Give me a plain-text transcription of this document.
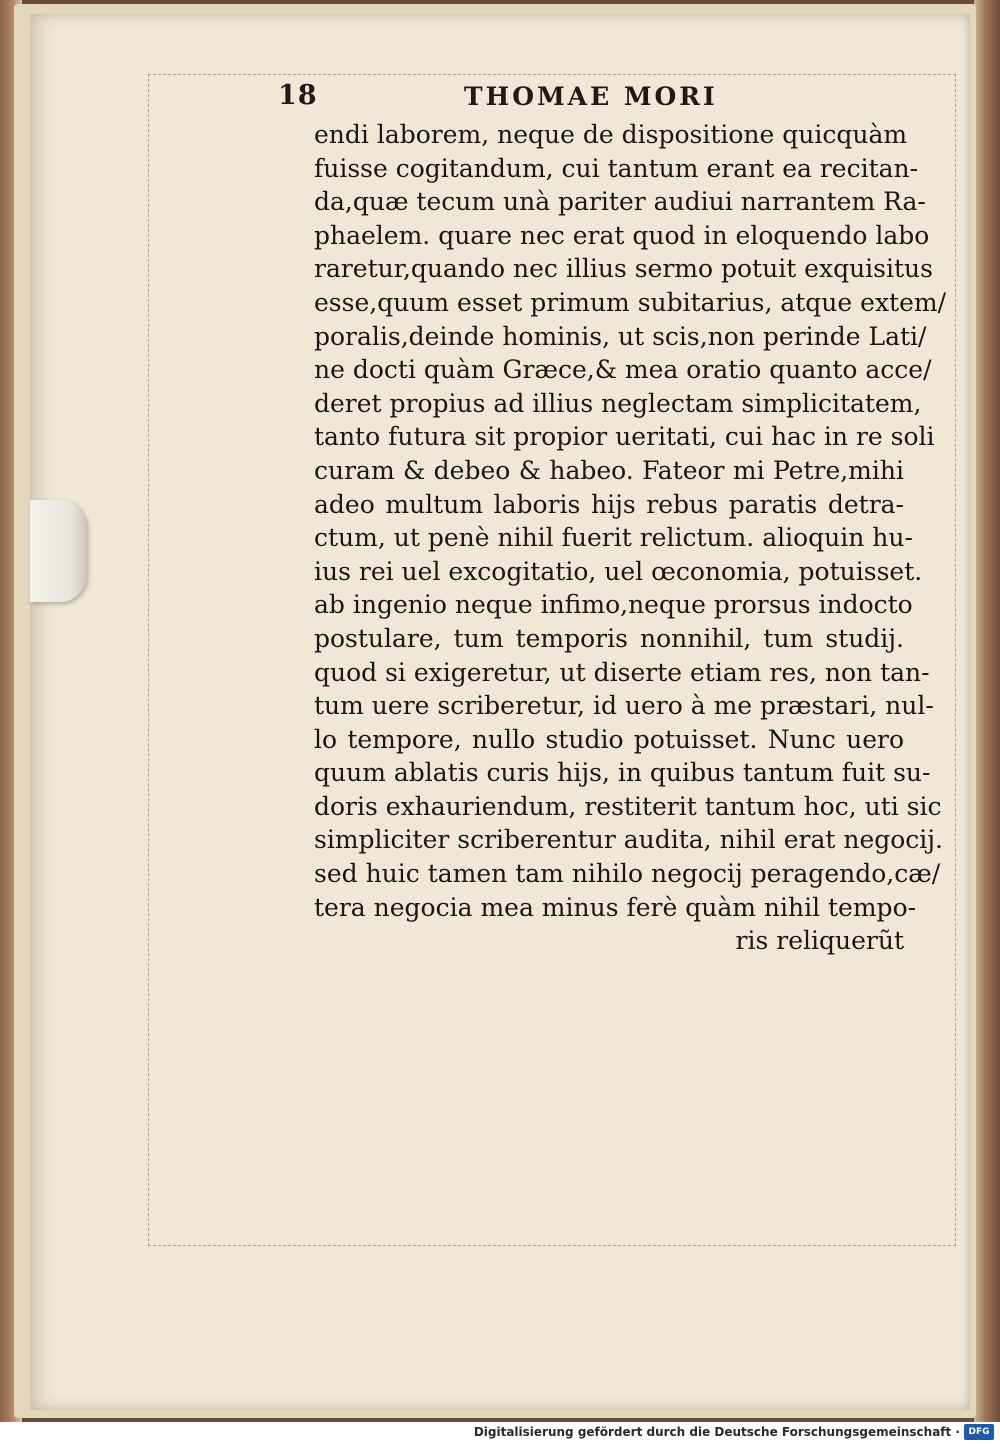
18	THOMAE MORI
endi laborem, neque de dispositione quicquàm
fuisse cogitandum, cui tantum erant ea recitan-
da,quæ tecum unà pariter audiui narrantem Ra-
phaelem. quare nec erat quod in eloquendo labo
raretur,quando nec illius sermo potuit exquisitus
esse,quum esset primum subitarius, atque extem/
poralis,deinde hominis, ut scis,non perinde Lati/
ne docti quàm Græce,& mea oratio quanto acce/
deret propius ad illius neglectam simplicitatem,
tanto futura sit propior ueritati, cui hac in re soli
curam & debeo & habeo. Fateor mi Petre,mihi
adeo multum laboris hijs rebus paratis detra-
ctum, ut penè nihil fuerit relictum. alioquin hu-
ius rei uel excogitatio, uel œconomia, potuisset.
ab ingenio neque infimo,neque prorsus indocto
postulare, tum temporis nonnihil, tum studij.
quod si exigeretur, ut diserte etiam res, non tan-
tum uere scriberetur, id uero à me præstari, nul-
lo tempore, nullo studio potuisset. Nunc uero
quum ablatis curis hijs, in quibus tantum fuit su-
doris exhauriendum, restiterit tantum hoc, uti sic
simpliciter scriberentur audita, nihil erat negocij.
sed huic tamen tam nihilo negocij peragendo,cæ/
tera negocia mea minus ferè quàm nihil tempo-
ris reliquerũt
Digitalisierung gefördert durch die Deutsche Forschungsgemeinschaft · DFG
